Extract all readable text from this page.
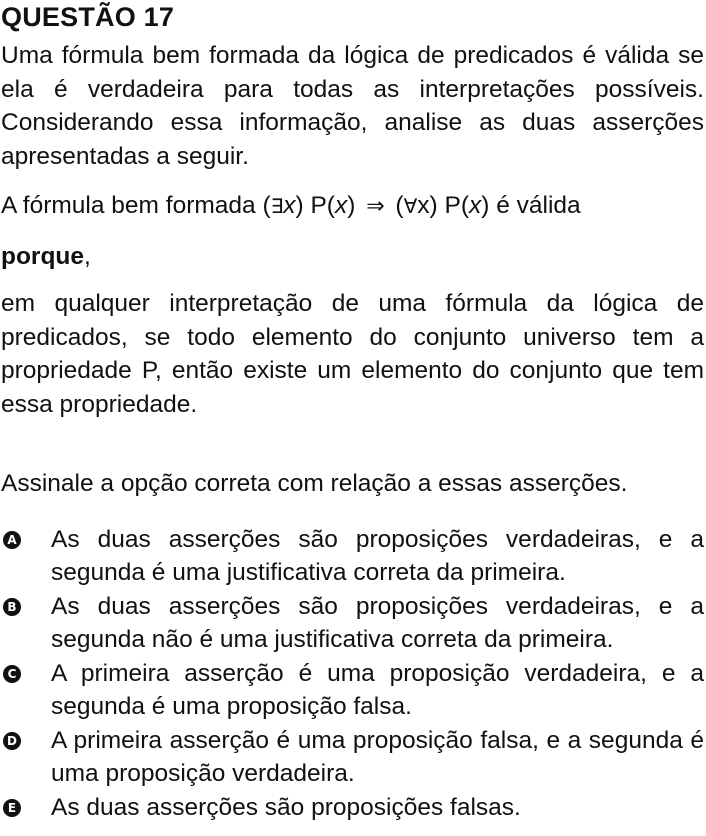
QUESTÃO 17

Uma fórmula bem formada da lógica de predicados é válida se ela é verdadeira para todas as interpretações possíveis. Considerando essa informação, analise as duas asserções apresentadas a seguir.

A fórmula bem formada (∃x) P(x) ⇒ (∀x) P(x) é válida

porque,

em qualquer interpretação de uma fórmula da lógica de predicados, se todo elemento do conjunto universo tem a propriedade P, então existe um elemento do conjunto que tem essa propriedade.

Assinale a opção correta com relação a essas asserções.

A As duas asserções são proposições verdadeiras, e a segunda é uma justificativa correta da primeira.
B As duas asserções são proposições verdadeiras, e a segunda não é uma justificativa correta da primeira.
C A primeira asserção é uma proposição verdadeira, e a segunda é uma proposição falsa.
D A primeira asserção é uma proposição falsa, e a segunda é uma proposição verdadeira.
E As duas asserções são proposições falsas.
